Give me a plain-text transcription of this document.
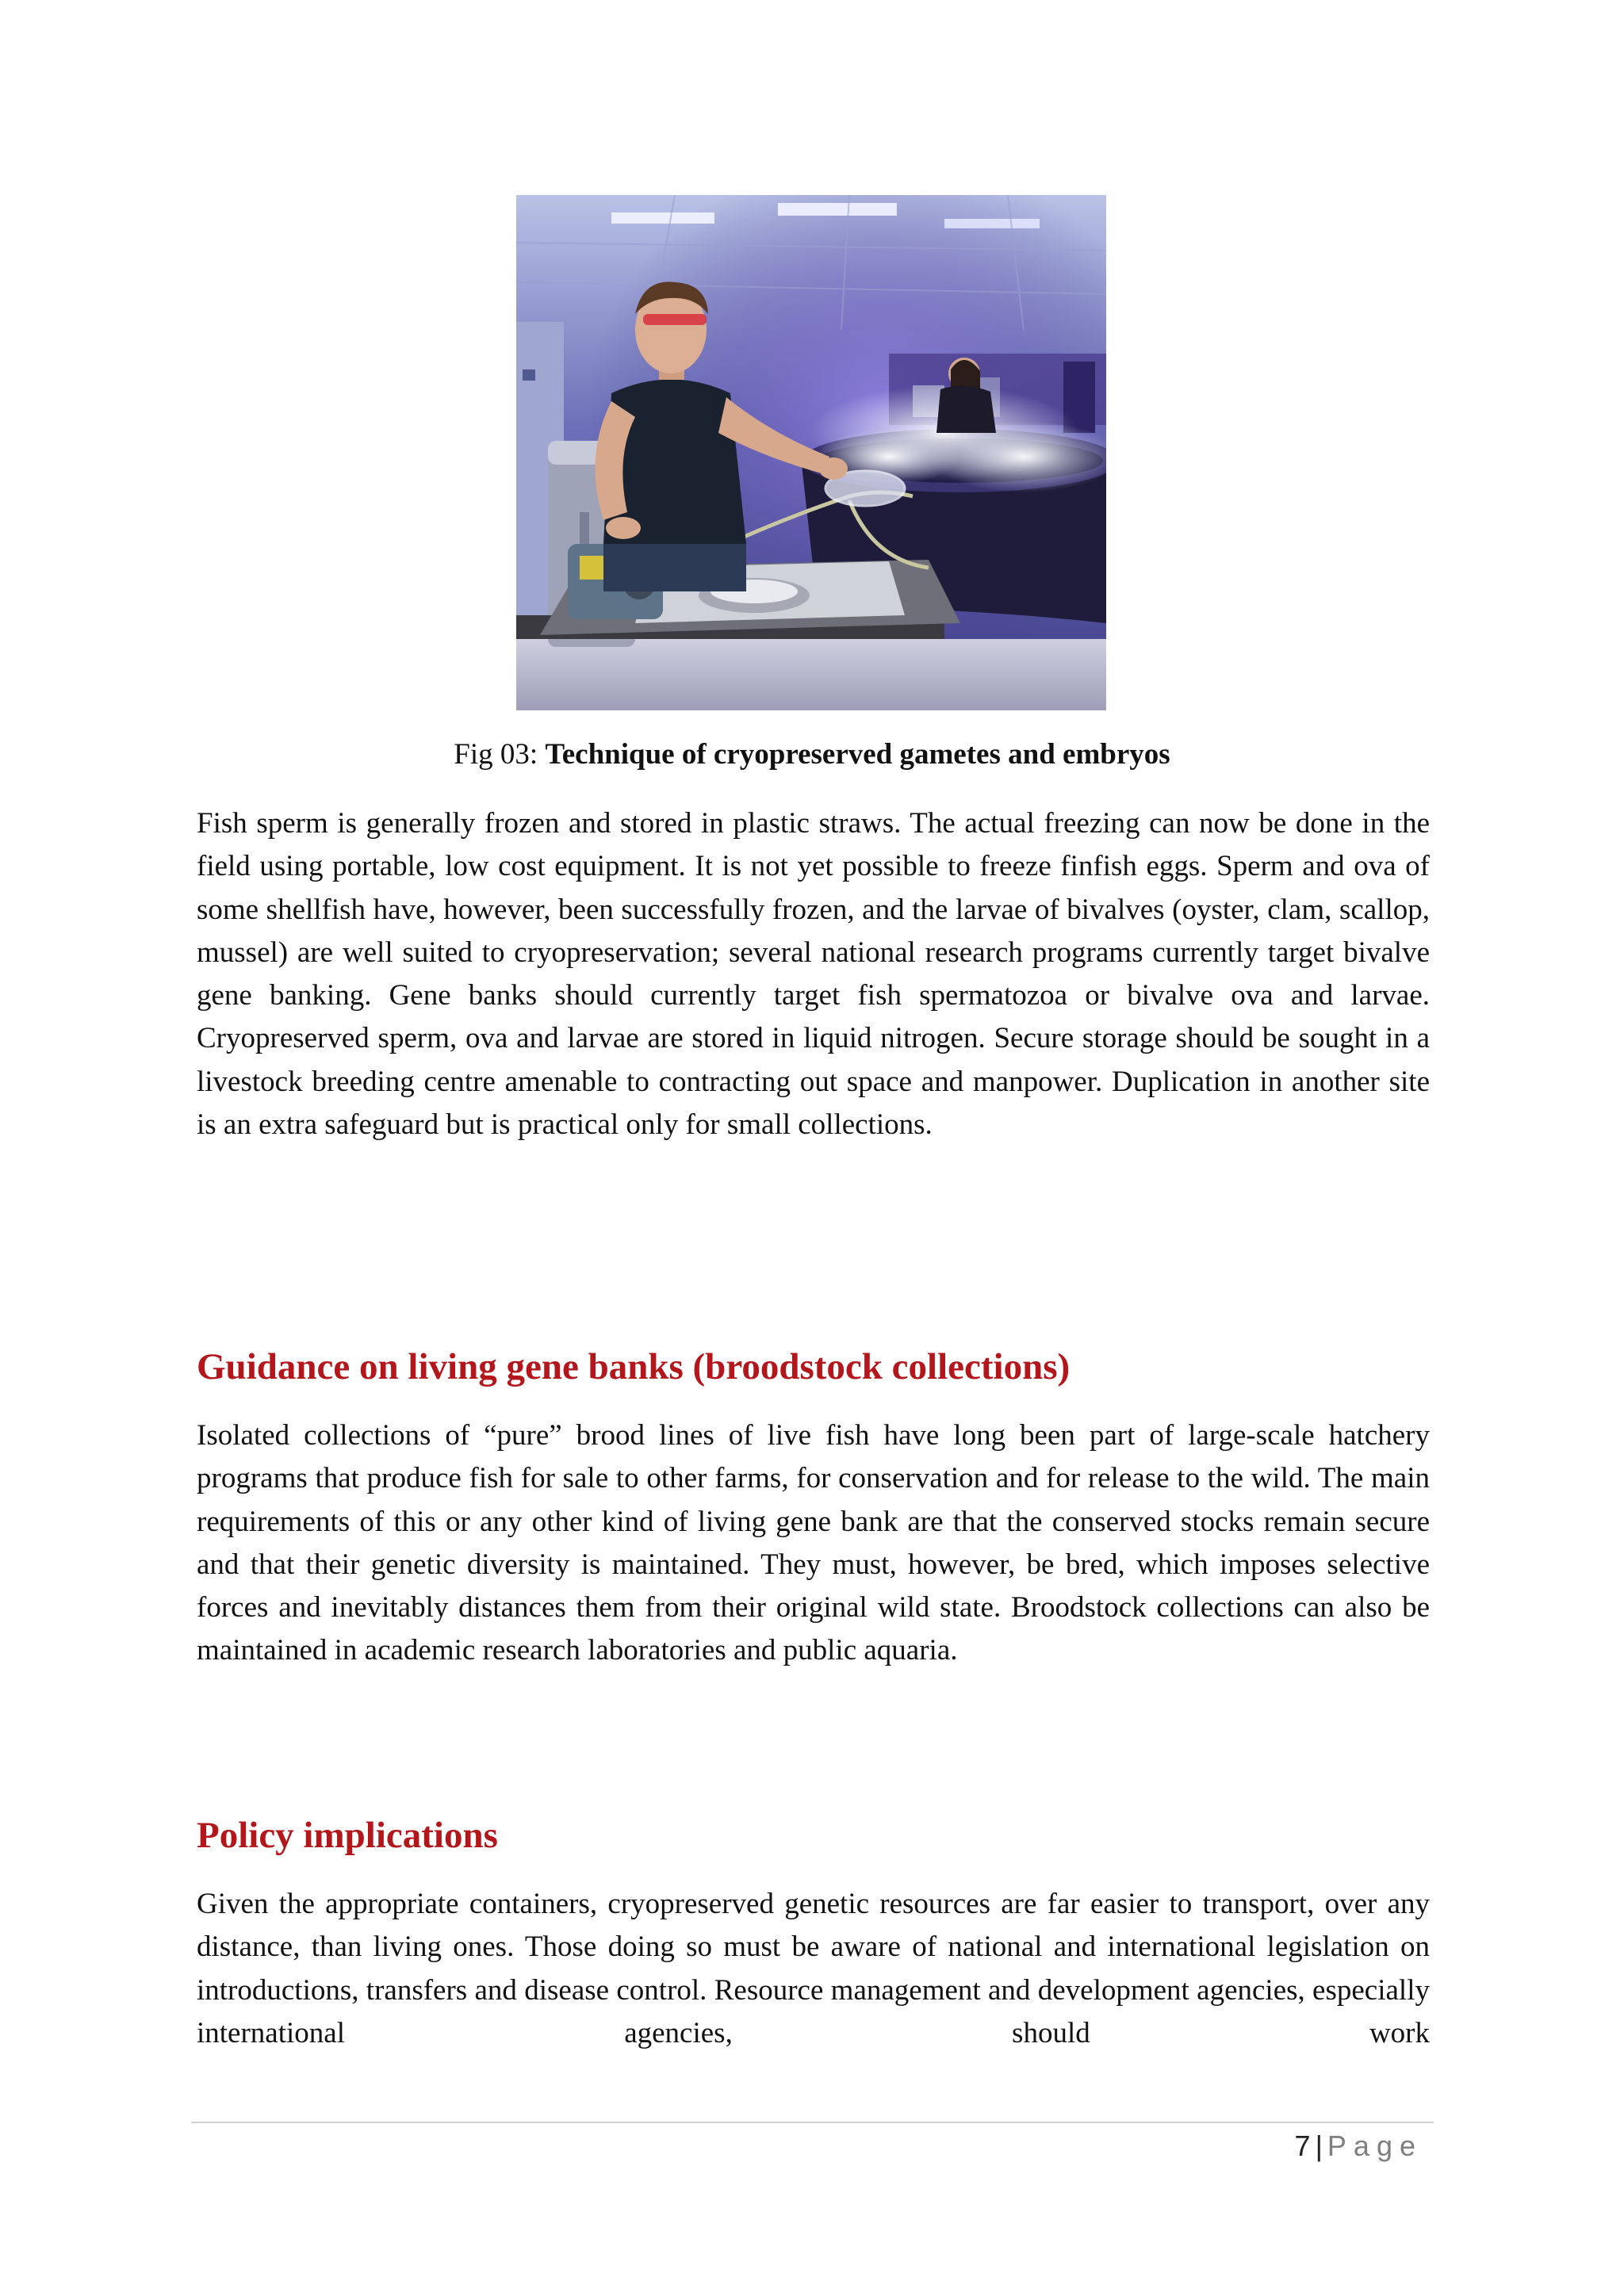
Fig 03: Technique of cryopreserved gametes and embryos

Fish sperm is generally frozen and stored in plastic straws. The actual freezing can now be done in the field using portable, low cost equipment. It is not yet possible to freeze finfish eggs. Sperm and ova of some shellfish have, however, been successfully frozen, and the larvae of bivalves (oyster, clam, scallop, mussel) are well suited to cryopreservation; several national research programs currently target bivalve gene banking. Gene banks should currently target fish spermatozoa or bivalve ova and larvae. Cryopreserved sperm, ova and larvae are stored in liquid nitrogen. Secure storage should be sought in a livestock breeding centre amenable to contracting out space and manpower. Duplication in another site is an extra safeguard but is practical only for small collections.

Guidance on living gene banks (broodstock collections)

Isolated collections of “pure” brood lines of live fish have long been part of large-scale hatchery programs that produce fish for sale to other farms, for conservation and for release to the wild. The main requirements of this or any other kind of living gene bank are that the conserved stocks remain secure and that their genetic diversity is maintained. They must, however, be bred, which imposes selective forces and inevitably distances them from their original wild state. Broodstock collections can also be maintained in academic research laboratories and public aquaria.

Policy implications

Given the appropriate containers, cryopreserved genetic resources are far easier to transport, over any distance, than living ones. Those doing so must be aware of national and international legislation on introductions, transfers and disease control. Resource management and development agencies, especially international agencies, should work

7 | Page
